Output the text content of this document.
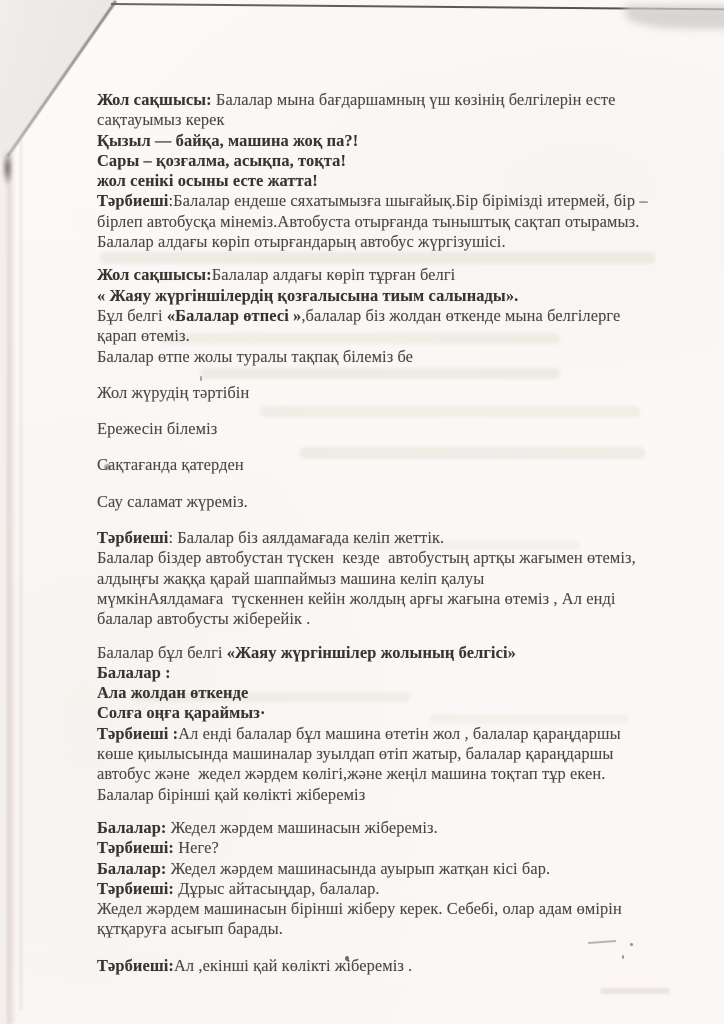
Жол сақшысы: Балалар мына бағдаршамның үш көзінің белгілерін есте
сақтауымыз керек
Қызыл — байқа, машина жоқ па?!
Сары – қозғалма, асықпа, тоқта!
жол сенікі осыны есте жатта!
Тәрбиеші:Балалар ендеше сяхатымызға шығайық.Бір бірімізді итермей, бір –
бірлеп автобусқа мінеміз.Автобуста отырғанда тыныштық сақтап отырамыз.
Балалар алдағы көріп отырғандарың автобус жүргізушісі.
Жол сақшысы:Балалар алдағы көріп тұрған белгі
« Жаяу жүргіншілердің қозғалысына тиым салынады».
Бұл белгі «Балалар өтпесі »,балалар біз жолдан өткенде мына белгілерге
қарап өтеміз.
Балалар өтпе жолы туралы тақпақ білеміз бе
Жол жүрудің тәртібін
Ережесін білеміз
Сақтағанда қатерден
Сау саламат жүреміз.
Тәрбиеші: Балалар біз аялдамағада келіп жеттік.
Балалар біздер автобустан түскен  кезде  автобустың артқы жағымен өтеміз,
алдыңғы жаққа қарай шаппаймыз машина келіп қалуы
мүмкінАялдамаға  түскеннен кейін жолдың арғы жағына өтеміз , Ал енді
балалар автобусты жіберейік .
Балалар бұл белгі «Жаяу жүргіншілер жолының белгісі»
Балалар :
Ала жолдан өткенде
Солға оңға қараймыз·
Тәрбиеші :Ал енді балалар бұл машина өтетін жол , балалар қараңдаршы
көше қиылысында машиналар зуылдап өтіп жатыр, балалар қараңдаршы
автобус және  жедел жәрдем көлігі,және жеңіл машина тоқтап тұр екен.
Балалар бірінші қай көлікті жібереміз
Балалар: Жедел жәрдем машинасын жібереміз.
Тәрбиеші: Неге?
Балалар: Жедел жәрдем машинасында ауырып жатқан кісі бар.
Тәрбиеші: Дұрыс айтасыңдар, балалар.
Жедел жәрдем машинасын бірінші жіберу керек. Себебі, олар адам өмірін
құтқаруға асығып барады.
Тәрбиеші:Ал ,екінші қай көлікті жібереміз .
